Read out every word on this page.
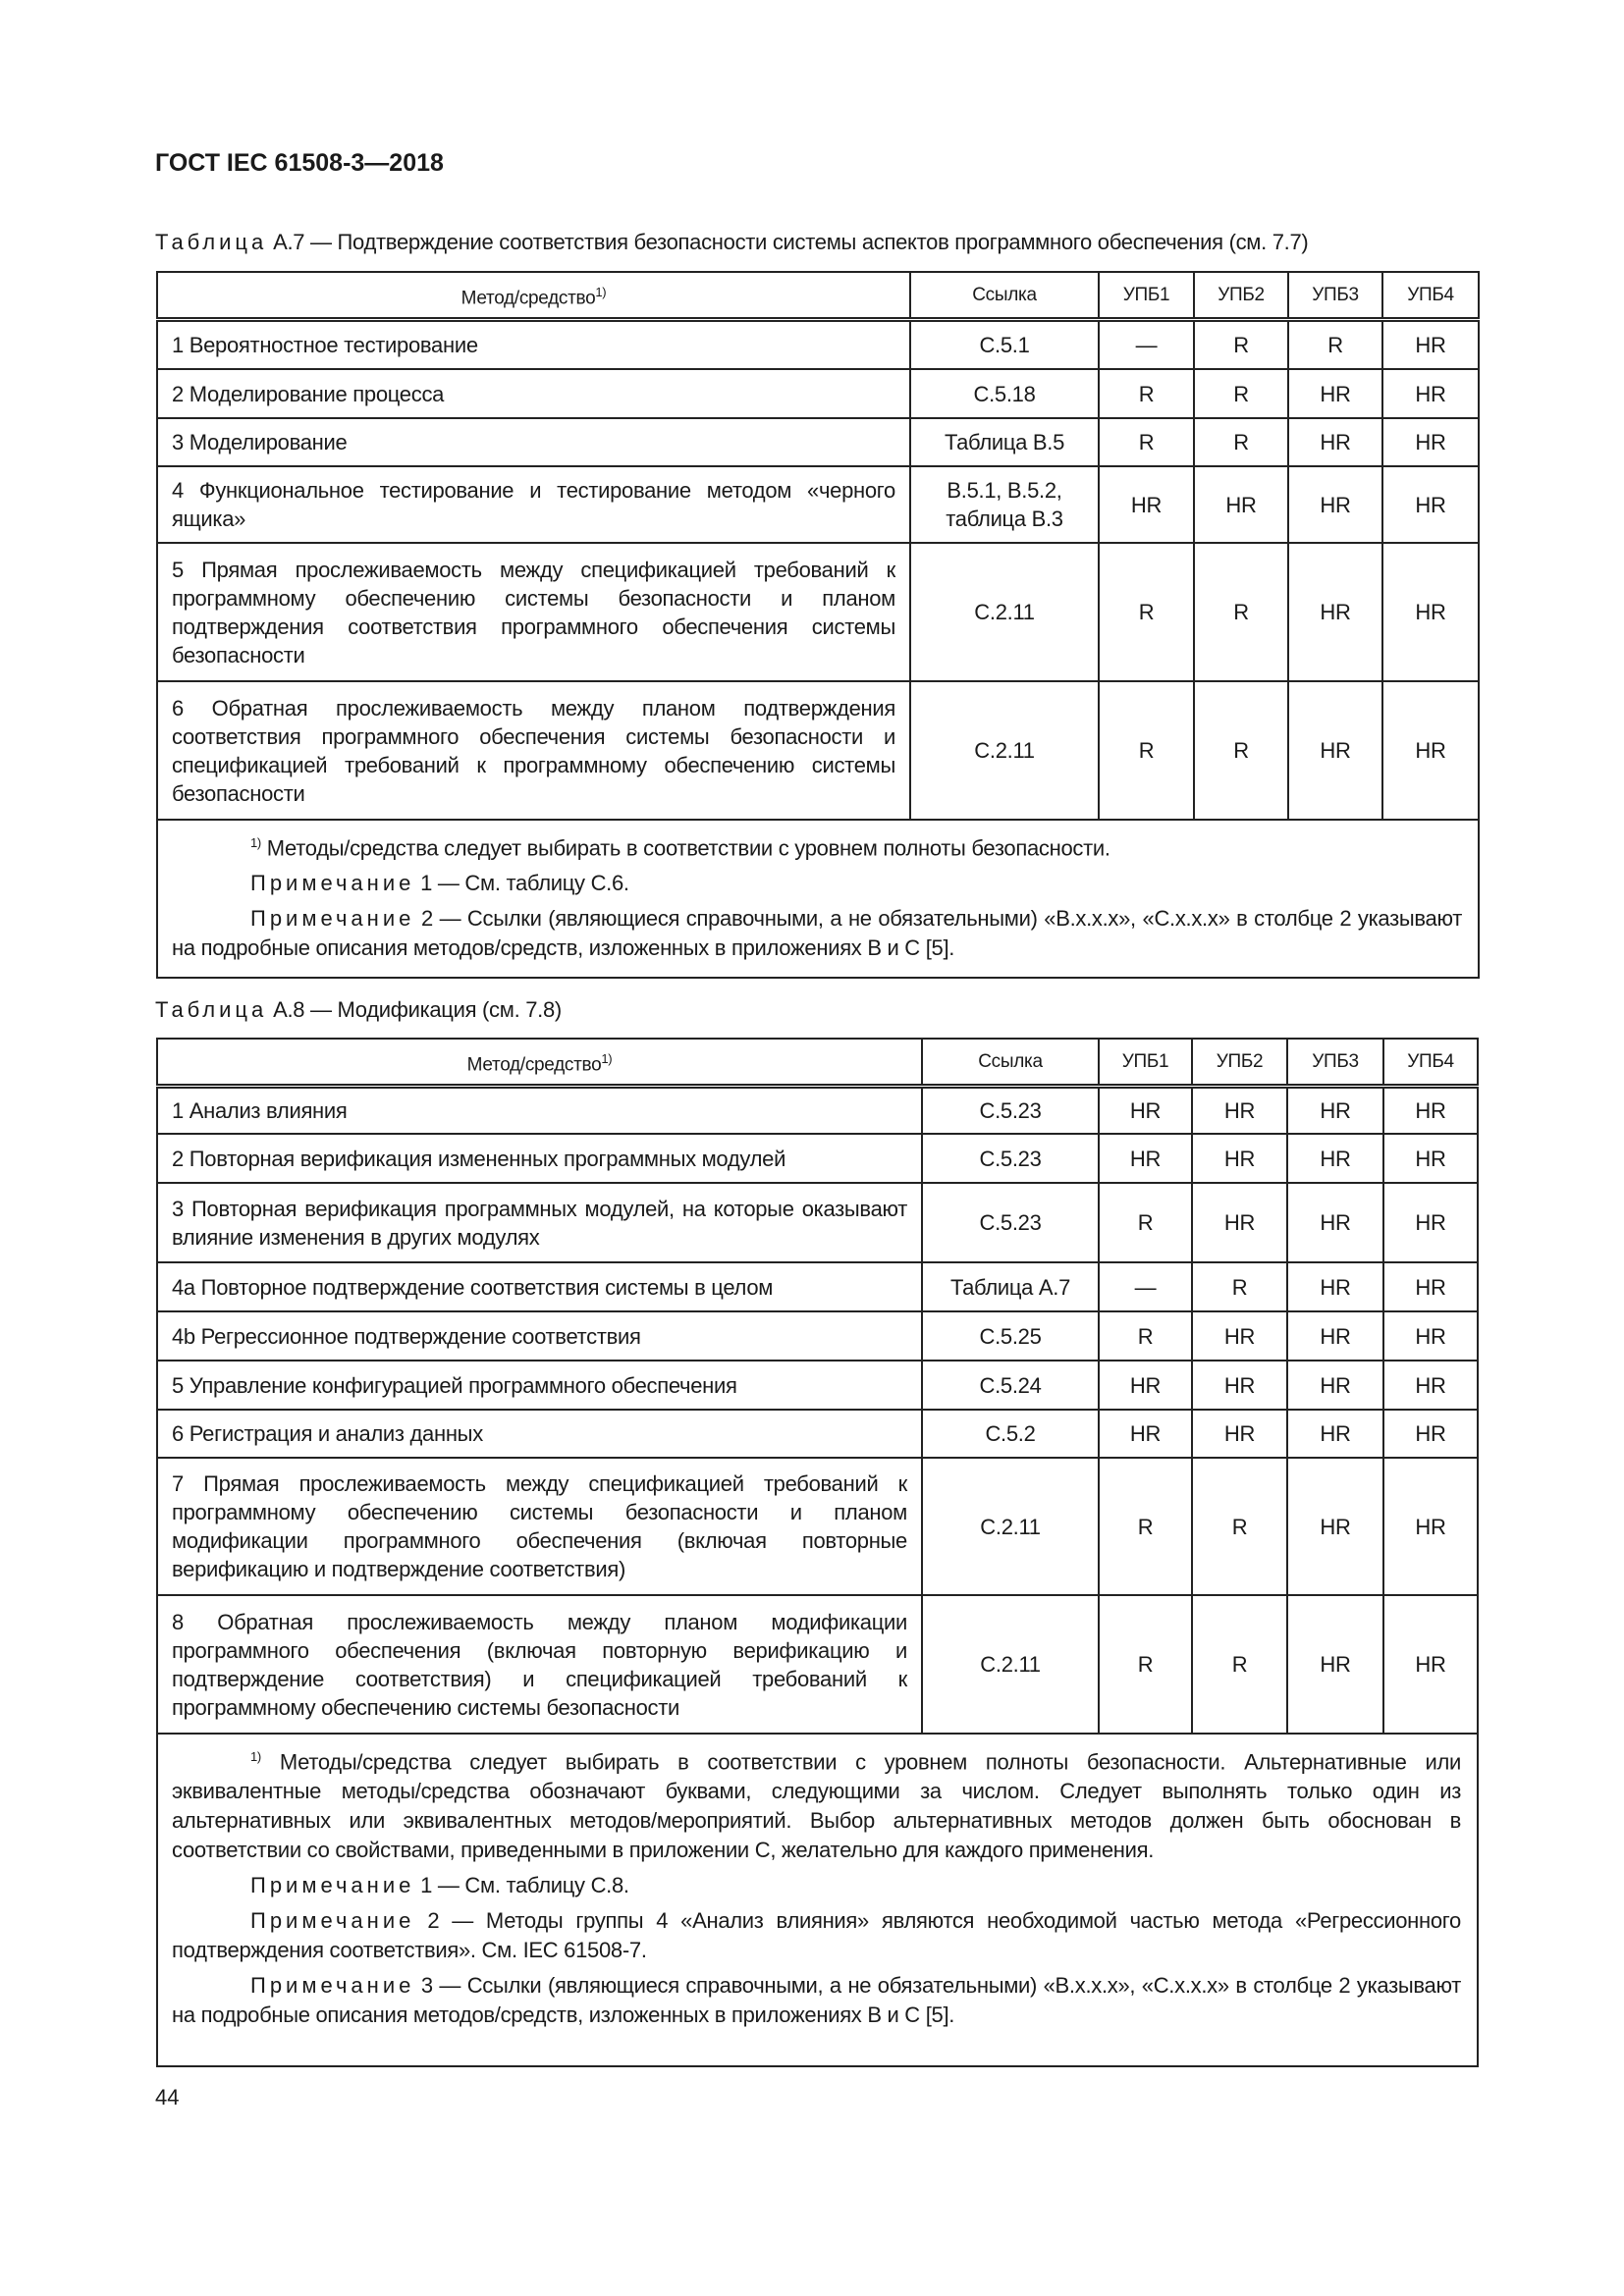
ГОСТ IEC 61508-3—2018
Таблица А.7 — Подтверждение соответствия безопасности системы аспектов программного обеспечения (см. 7.7)
Метод/средство$^{1)}$	Ссылка	УПБ1	УПБ2	УПБ3	УПБ4
1 Вероятностное тестирование	С.5.1	—	R	R	HR
2 Моделирование процесса	С.5.18	R	R	HR	HR
3 Моделирование	Таблица В.5	R	R	HR	HR
4 Функциональное тестирование и тестирование методом «черного ящика»	В.5.1, В.5.2, таблица В.3	HR	HR	HR	HR
5 Прямая прослеживаемость между спецификацией требований к программному обеспечению системы безопасности и планом подтверждения соответствия программного обеспечения системы безопасности	С.2.11	R	R	HR	HR
6 Обратная прослеживаемость между планом подтверждения соответствия программного обеспечения системы безопасности и спецификацией требований к программному обеспечению системы безопасности	С.2.11	R	R	HR	HR

$^{1)}$ Методы/средства следует выбирать в соответствии с уровнем полноты безопасности.

Примечание 1 — См. таблицу С.6.

Примечание 2 — Ссылки (являющиеся справочными, а не обязательными) «В.х.х.х», «С.х.х.х» в столбце 2 указывают на подробные описания методов/средств, изложенных в приложениях В и С [5].					

Таблица А.8 — Модификация (см. 7.8)
Метод/средство$^{1)}$	Ссылка	УПБ1	УПБ2	УПБ3	УПБ4
1 Анализ влияния	С.5.23	HR	HR	HR	HR
2 Повторная верификация измененных программных модулей	С.5.23	HR	HR	HR	HR
3 Повторная верификация программных модулей, на которые оказывают влияние изменения в других модулях	С.5.23	R	HR	HR	HR
4а Повторное подтверждение соответствия системы в целом	Таблица А.7	—	R	HR	HR
4b Регрессионное подтверждение соответствия	С.5.25	R	HR	HR	HR
5 Управление конфигурацией программного обеспечения	С.5.24	HR	HR	HR	HR
6 Регистрация и анализ данных	С.5.2	HR	HR	HR	HR
7 Прямая прослеживаемость между спецификацией требований к программному обеспечению системы безопасности и планом модификации программного обеспечения (включая повторные верификацию и подтверждение соответствия)	С.2.11	R	R	HR	HR
8 Обратная прослеживаемость между планом модификации программного обеспечения (включая повторную верификацию и подтверждение соответствия) и спецификацией требований к программному обеспечению системы безопасности	С.2.11	R	R	HR	HR

$^{1)}$ Методы/средства следует выбирать в соответствии с уровнем полноты безопасности. Альтернативные или эквивалентные методы/средства обозначают буквами, следующими за числом. Следует выполнять только один из альтернативных или эквивалентных методов/мероприятий. Выбор альтернативных методов должен быть обоснован в соответствии со свойствами, приведенными в приложении С, желательно для каждого применения.

Примечание 1 — См. таблицу С.8.

Примечание 2 — Методы группы 4 «Анализ влияния» являются необходимой частью метода «Регрессионного подтверждения соответствия». См. IEC 61508-7.

Примечание 3 — Ссылки (являющиеся справочными, а не обязательными) «В.х.х.х», «С.х.х.х» в столбце 2 указывают на подробные описания методов/средств, изложенных в приложениях В и С [5].					

44
